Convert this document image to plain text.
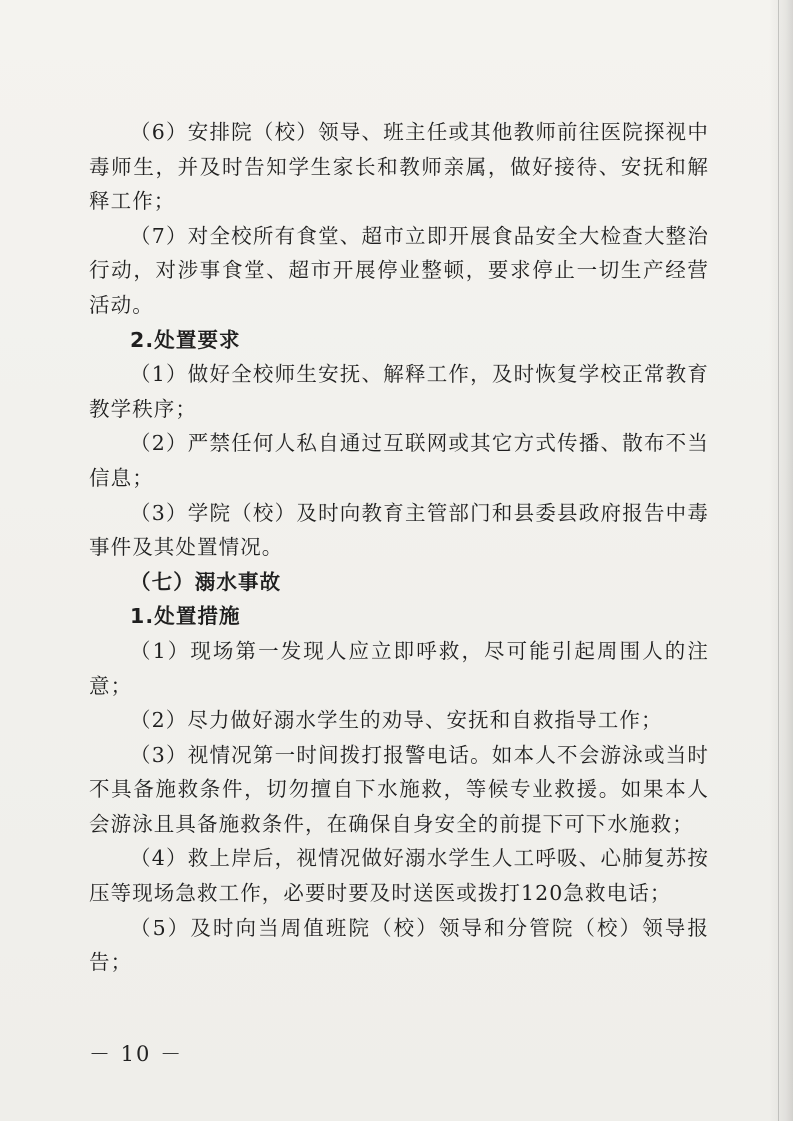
（6）安排院（校）领导、班主任或其他教师前往医院探视中毒师生，并及时告知学生家长和教师亲属，做好接待、安抚和解释工作；

（7）对全校所有食堂、超市立即开展食品安全大检查大整治行动，对涉事食堂、超市开展停业整顿，要求停止一切生产经营活动。

2.处置要求

（1）做好全校师生安抚、解释工作，及时恢复学校正常教育教学秩序；

（2）严禁任何人私自通过互联网或其它方式传播、散布不当信息；

（3）学院（校）及时向教育主管部门和县委县政府报告中毒事件及其处置情况。

（七）溺水事故

1.处置措施

（1）现场第一发现人应立即呼救，尽可能引起周围人的注意；

（2）尽力做好溺水学生的劝导、安抚和自救指导工作；

（3）视情况第一时间拨打报警电话。如本人不会游泳或当时不具备施救条件，切勿擅自下水施救，等候专业救援。如果本人会游泳且具备施救条件，在确保自身安全的前提下可下水施救；

（4）救上岸后，视情况做好溺水学生人工呼吸、心肺复苏按压等现场急救工作，必要时要及时送医或拨打120急救电话；

（5）及时向当周值班院（校）领导和分管院（校）领导报告；

－ 10 －
